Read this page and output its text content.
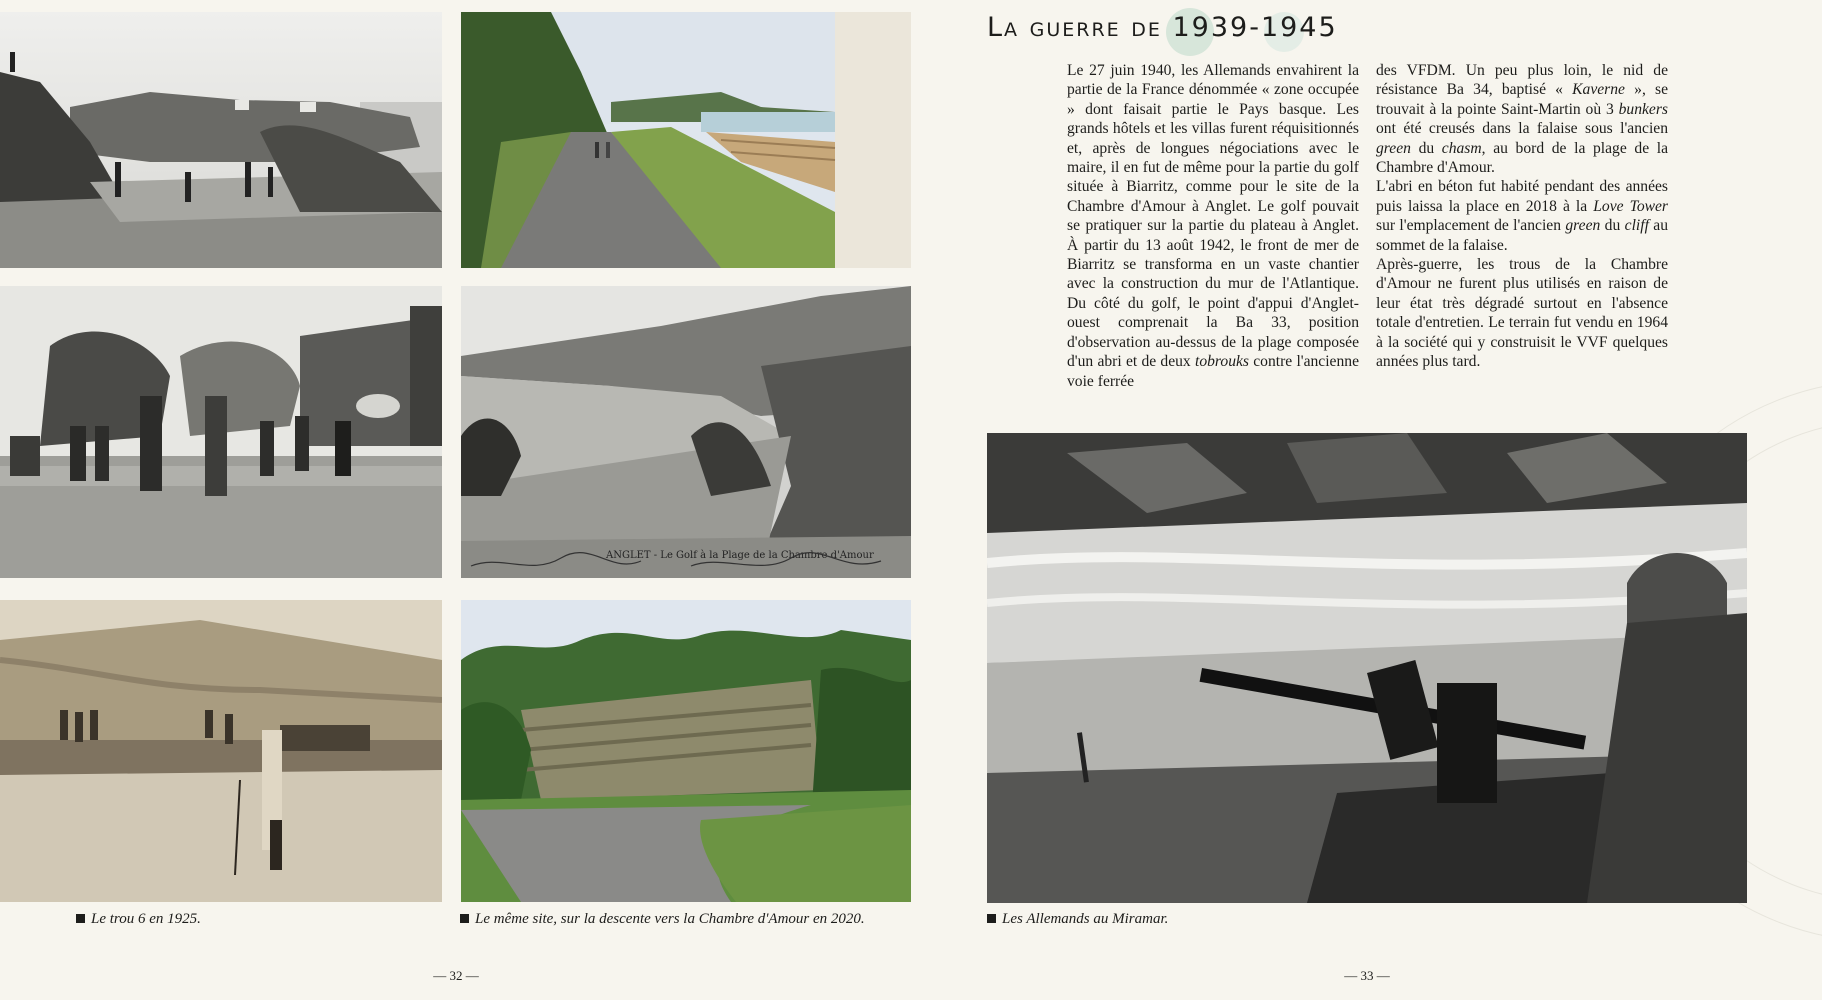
ANGLET - Le Golf à la Plage de la Chambre d'Amour
Le trou 6 en 1925.	Le même site, sur la descente vers la Chambre d'Amour en 2020.
— 32 —
La guerre de
1939-1945

Le 27 juin 1940, les Allemands envahirent la partie de la France dénommée « zone occupée » dont faisait partie le Pays basque. Les grands hôtels et les villas furent réquisitionnés et, après de longues négociations avec le maire, il en fut de même pour la partie du golf située à Biarritz, comme pour le site de la Chambre d'Amour à Anglet. Le golf pouvait se pratiquer sur la partie du plateau à Anglet. À partir du 13 août 1942, le front de mer de Biarritz se transforma en un vaste chantier avec la construction du mur de l'Atlantique. Du côté du golf, le point d'appui d'Anglet-ouest comprenait la Ba 33, position d'observation au-dessus de la plage composée d'un abri et de deux tobrouks contre l'ancienne voie ferrée

des VFDM. Un peu plus loin, le nid de résistance Ba 34, baptisé « Kaverne », se trouvait à la pointe Saint-Martin où 3 bunkers ont été creusés dans la falaise sous l'ancien green du chasm, au bord de la plage de la Chambre d'Amour.

L'abri en béton fut habité pendant des années puis laissa la place en 2018 à la Love Tower sur l'emplacement de l'ancien green du cliff au sommet de la falaise.

Après-guerre, les trous de la Chambre d'Amour ne furent plus utilisés en raison de leur état très dégradé surtout en l'absence totale d'entretien. Le terrain fut vendu en 1964 à la société qui y construisit le VVF quelques années plus tard.

Les Allemands au Miramar.
— 33 —
